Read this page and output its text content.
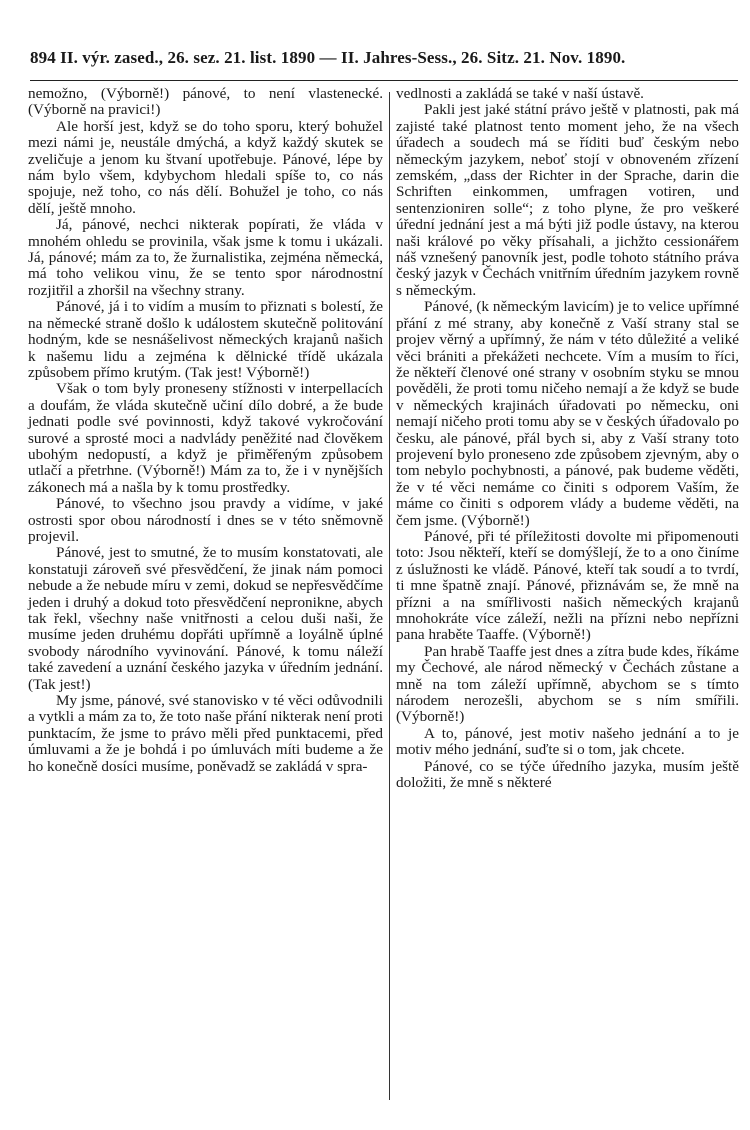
894 II. výr. zased., 26. sez. 21. list. 1890 — II. Jahres-Sess., 26. Sitz. 21. Nov. 1890.

nemožno, (Výborně!) pánové, to není vlastenecké. (Výborně na pravici!)

Ale horší jest, když se do toho sporu, který bohužel mezi námi je, neustále dmýchá, a když každý skutek se zveličuje a jenom ku štvaní upotřebuje. Pánové, lépe by nám bylo všem, kdybychom hledali spíše to, co nás spojuje, než toho, co nás dělí. Bohužel je toho, co nás dělí, ještě mnoho.

Já, pánové, nechci nikterak popírati, že vláda v mnohém ohledu se provinila, však jsme k tomu i ukázali. Já, pánové; mám za to, že žurnalistika, zejména německá, má toho velikou vinu, že se tento spor národnostní rozjitřil a zhoršil na všechny strany.

Pánové, já i to vidím a musím to přiznati s bolestí, že na německé straně došlo k událostem skutečně politování hodným, kde se nesnášelivost německých krajanů našich k našemu lidu a zejména k dělnické třídě ukázala způsobem přímo krutým. (Tak jest! Výborně!)

Však o tom byly proneseny stížnosti v interpellacích a doufám, že vláda skutečně učiní dílo dobré, a že bude jednati podle své povinnosti, když takové vykročování surové a sprosté moci a nadvlády peněžité nad člověkem ubohým nedopustí, a když je přiměřeným způsobem utlačí a přetrhne. (Výborně!) Mám za to, že i v nynějších zákonech má a našla by k tomu prostředky.

Pánové, to všechno jsou pravdy a vidíme, v jaké ostrosti spor obou národností i dnes se v této sněmovně projevil.

Pánové, jest to smutné, že to musím konstatovati, ale konstatuji zároveň své přesvědčení, že jinak nám pomoci nebude a že nebude míru v zemi, dokud se nepřesvědčíme jeden i druhý a dokud toto přesvědčení nepronikne, abych tak řekl, všechny naše vnitřnosti a celou duši naši, že musíme jeden druhému dopřáti upřímně a loyálně úplné svobody národního vyvinování. Pánové, k tomu náleží také zavedení a uznání českého jazyka v úředním jednání. (Tak jest!)

My jsme, pánové, své stanovisko v té věci odůvodnili a vytkli a mám za to, že toto naše přání nikterak není proti punktacím, že jsme to právo měli před punktacemi, před úmluvami a že je bohdá i po úmluvách míti budeme a že ho konečně dosíci musíme, poněvadž se zakládá v spra-

vedlnosti a zakládá se také v naší ústavě.

Pakli jest jaké státní právo ještě v platnosti, pak má zajisté také platnost tento moment jeho, že na všech úřadech a soudech má se říditi buď českým nebo německým jazykem, neboť stojí v obnoveném zřízení zemském, „dass der Richter in der Sprache, darin die Schriften einkommen, umfragen votiren, und sentenzioniren solle“; z toho plyne, že pro veškeré úřední jednání jest a má býti již podle ústavy, na kterou naši králové po věky přísahali, a jichžto cessionářem náš vznešený panovník jest, podle tohoto státního práva český jazyk v Čechách vnitřním úředním jazykem rovně s německým.

Pánové, (k německým lavicím) je to velice upřímné přání z mé strany, aby konečně z Vaší strany stal se projev věrný a upřímný, že nám v této důležité a veliké věci brániti a překážeti nechcete. Vím a musím to říci, že někteří členové oné strany v osobním styku se mnou pověděli, že proti tomu ničeho nemají a že když se bude v německých krajinách úřadovati po německu, oni nemají ničeho proti tomu aby se v českých úřadovalo po česku, ale pánové, přál bych si, aby z Vaší strany toto projevení bylo proneseno zde způsobem zjevným, aby o tom nebylo pochybnosti, a pánové, pak budeme věděti, že v té věci nemáme co činiti s odporem Vaším, že máme co činiti s odporem vlády a budeme věděti, na čem jsme. (Výborně!)

Pánové, při té příležitosti dovolte mi připomenouti toto: Jsou někteří, kteří se domýšlejí, že to a ono činíme z úslužnosti ke vládě. Pánové, kteří tak soudí a to tvrdí, ti mne špatně znají. Pánové, přiznávám se, že mně na přízni a na smířlivosti našich německých krajanů mnohokráte více záleží, nežli na přízni nebo nepřízni pana hraběte Taaffe. (Výborně!)

Pan hrabě Taaffe jest dnes a zítra bude kdes, říkáme my Čechové, ale národ německý v Čechách zůstane a mně na tom záleží upřímně, abychom se s tímto národem nerozešli, abychom se s ním smířili. (Výborně!)

A to, pánové, jest motiv našeho jednání a to je motiv mého jednání, suďte si o tom, jak chcete.

Pánové, co se týče úředního jazyka, musím ještě doložiti, že mně s některé
